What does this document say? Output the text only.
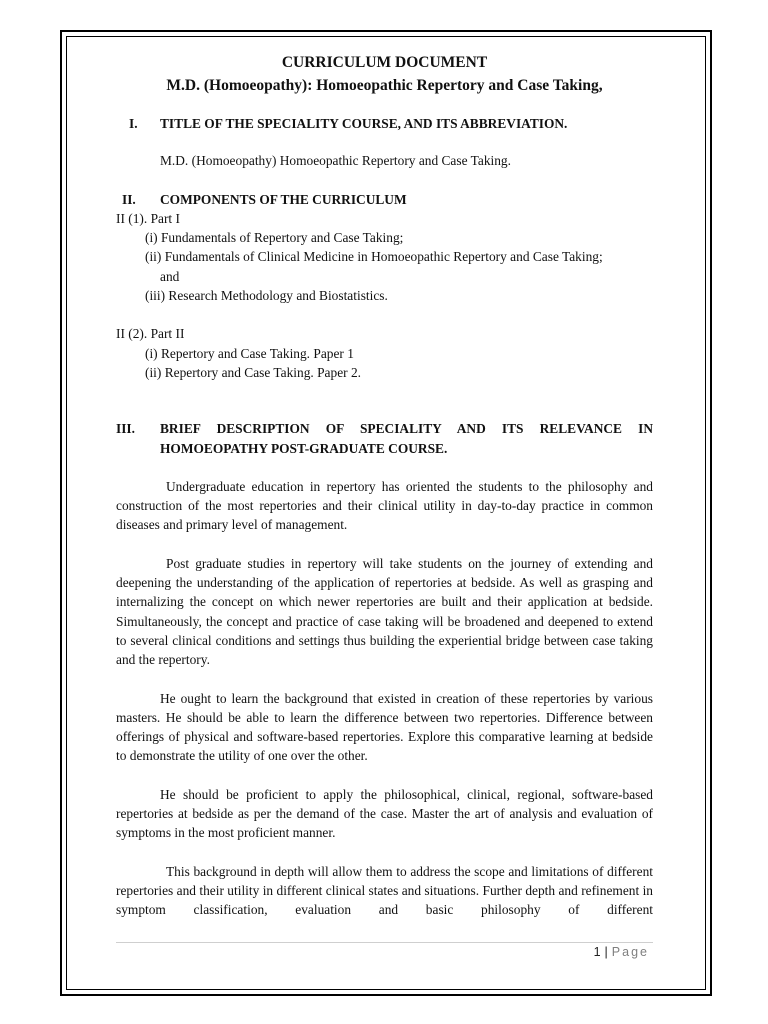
CURRICULUM DOCUMENT
M.D. (Homoeopathy): Homoeopathic Repertory and Case Taking,
I.	TITLE OF THE SPECIALITY COURSE, AND ITS ABBREVIATION.
M.D. (Homoeopathy) Homoeopathic Repertory and Case Taking.
II.	COMPONENTS OF THE CURRICULUM
II (1). Part I
(i) Fundamentals of Repertory and Case Taking;
(ii) Fundamentals of Clinical Medicine in Homoeopathic Repertory and Case Taking;
and
(iii) Research Methodology and Biostatistics.
II (2). Part II
(i) Repertory and Case Taking. Paper 1
(ii) Repertory and Case Taking. Paper 2.
III.	BRIEF DESCRIPTION OF SPECIALITY AND ITS RELEVANCE IN
HOMOEOPATHY POST-GRADUATE COURSE.

Undergraduate education in repertory has oriented the students to the philosophy and construction of the most repertories and their clinical utility in day-to-day practice in common diseases and primary level of management.

Post graduate studies in repertory will take students on the journey of extending and deepening the understanding of the application of repertories at bedside. As well as grasping and internalizing the concept on which newer repertories are built and their application at bedside. Simultaneously, the concept and practice of case taking will be broadened and deepened to extend to several clinical conditions and settings thus building the experiential bridge between case taking and the repertory.

He ought to learn the background that existed in creation of these repertories by various masters. He should be able to learn the difference between two repertories. Difference between offerings of physical and software-based repertories. Explore this comparative learning at bedside to demonstrate the utility of one over the other.

He should be proficient to apply the philosophical, clinical, regional, software-based repertories at bedside as per the demand of the case. Master the art of analysis and evaluation of symptoms in the most proficient manner.

This background in depth will allow them to address the scope and limitations of different repertories and their utility in different clinical states and situations. Further depth and refinement in symptom classification, evaluation and basic philosophy of different

1 | Page
